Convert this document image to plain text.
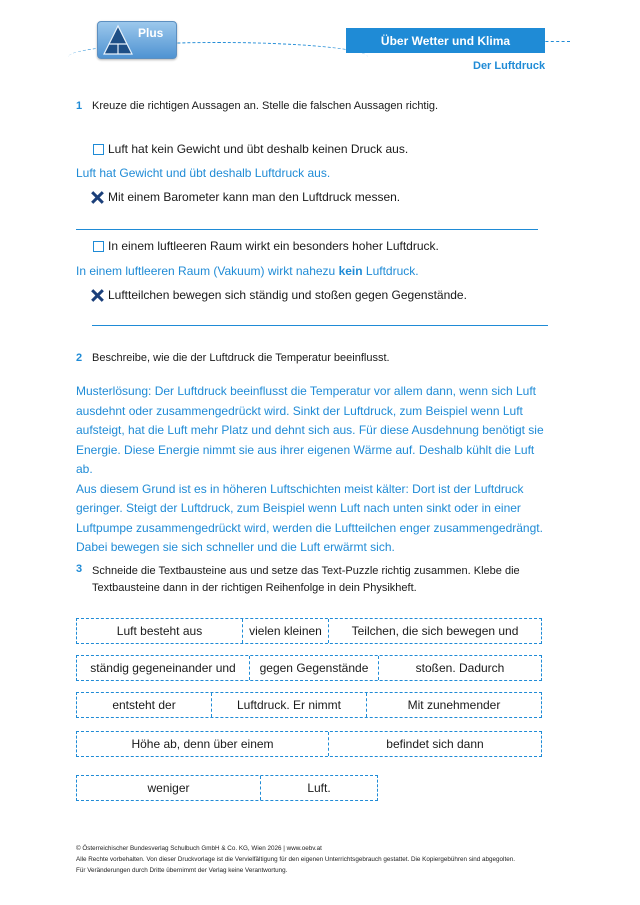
Plus
Über Wetter und Klima
Der Luftdruck
1 Kreuze die richtigen Aussagen an. Stelle die falschen Aussagen richtig.
Luft hat kein Gewicht und übt deshalb keinen Druck aus.
Luft hat Gewicht und übt deshalb Luftdruck aus.
Mit einem Barometer kann man den Luftdruck messen.
In einem luftleeren Raum wirkt ein besonders hoher Luftdruck.
In einem luftleeren Raum (Vakuum) wirkt nahezu kein Luftdruck.
Luftteilchen bewegen sich ständig und stoßen gegen Gegenstände.
2 Beschreibe, wie die der Luftdruck die Temperatur beeinflusst.
Musterlösung: Der Luftdruck beeinflusst die Temperatur vor allem dann, wenn sich Luft
ausdehnt oder zusammengedrückt wird. Sinkt der Luftdruck, zum Beispiel wenn Luft
aufsteigt, hat die Luft mehr Platz und dehnt sich aus. Für diese Ausdehnung benötigt sie
Energie. Diese Energie nimmt sie aus ihrer eigenen Wärme auf. Deshalb kühlt die Luft ab.
Aus diesem Grund ist es in höheren Luftschichten meist kälter: Dort ist der Luftdruck
geringer. Steigt der Luftdruck, zum Beispiel wenn Luft nach unten sinkt oder in einer
Luftpumpe zusammengedrückt wird, werden die Luftteilchen enger zusammengedrängt.
Dabei bewegen sie sich schneller und die Luft erwärmt sich.
3 Schneide die Textbausteine aus und setze das Text-Puzzle richtig zusammen. Klebe die
Textbausteine dann in der richtigen Reihenfolge in dein Physikheft.
Luft besteht aus	vielen kleinen	Teilchen, die sich bewegen und
ständig gegeneinander und	gegen Gegenstände	stoßen. Dadurch
entsteht der	Luftdruck. Er nimmt	Mit zunehmender
Höhe ab, denn über einem	befindet sich dann
weniger	Luft.
© Österreichischer Bundesverlag Schulbuch GmbH & Co. KG, Wien 2026 | www.oebv.at
Alle Rechte vorbehalten. Von dieser Druckvorlage ist die Vervielfältigung für den eigenen Unterrichtsgebrauch gestattet. Die Kopiergebühren sind abgegolten.
Für Veränderungen durch Dritte übernimmt der Verlag keine Verantwortung.
